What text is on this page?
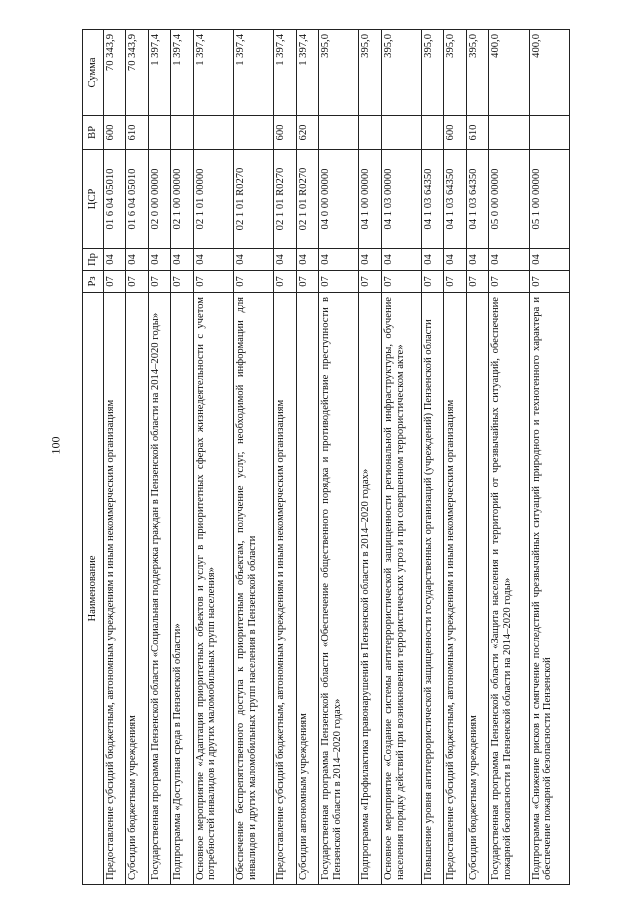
100
Наименование	Рз	Пр	ЦСР	ВР	Сумма
Предоставление субсидий бюджетным, автономным учреждениям и иным некоммерческим организациям	07	04	01 6 04 05010	600	70 343,9
Субсидии бюджетным учреждениям	07	04	01 6 04 05010	610	70 343,9
Государственная программа Пензенской области «Социальная поддержка граждан в Пензенской области на 2014–2020 годы»	07	04	02 0 00 00000		1 397,4
Подпрограмма «Доступная среда в Пензенской области»	07	04	02 1 00 00000		1 397,4
Основное мероприятие «Адаптация приоритетных объектов и услуг в приоритетных сферах жизнедеятельности с учетом потребностей инвалидов и других маломобильных групп населения»	07	04	02 1 01 00000		1 397,4
Обеспечение беспрепятственного доступа к приоритетным объектам, получение услуг, необходимой информации для инвалидов и других маломобильных групп населения в Пензенской области	07	04	02 1 01 R0270		1 397,4
Предоставление субсидий бюджетным, автономным учреждениям и иным некоммерческим организациям	07	04	02 1 01 R0270	600	1 397,4
Субсидии автономным учреждениям	07	04	02 1 01 R0270	620	1 397,4
Государственная программа Пензенской области «Обеспечение общественного порядка и противодействие преступности в Пензенской области в 2014–2020 годах»	07	04	04 0 00 00000		395,0
Подпрограмма «Профилактика правонарушений в Пензенской области в 2014–2020 годах»	07	04	04 1 00 00000		395,0
Основное мероприятие «Создание системы антитеррористической защищенности региональной инфраструктуры, обучение населения порядку действий при возникновении террористических угроз и при совершенном террористическом акте»	07	04	04 1 03 00000		395,0
Повышение уровня антитеррористической защищенности государственных организаций (учреждений) Пензенской области	07	04	04 1 03 64350		395,0
Предоставление субсидий бюджетным, автономным учреждениям и иным некоммерческим организациям	07	04	04 1 03 64350	600	395,0
Субсидии бюджетным учреждениям	07	04	04 1 03 64350	610	395,0
Государственная программа Пензенской области «Защита населения и территорий от чрезвычайных ситуаций, обеспечение пожарной безопасности в Пензенской области на 2014–2020 годы»	07	04	05 0 00 00000		400,0
Подпрограмма «Снижение рисков и смягчение последствий чрезвычайных ситуаций природного и техногенного характера и обеспечение пожарной безопасности Пензенской	07	04	05 1 00 00000		400,0
